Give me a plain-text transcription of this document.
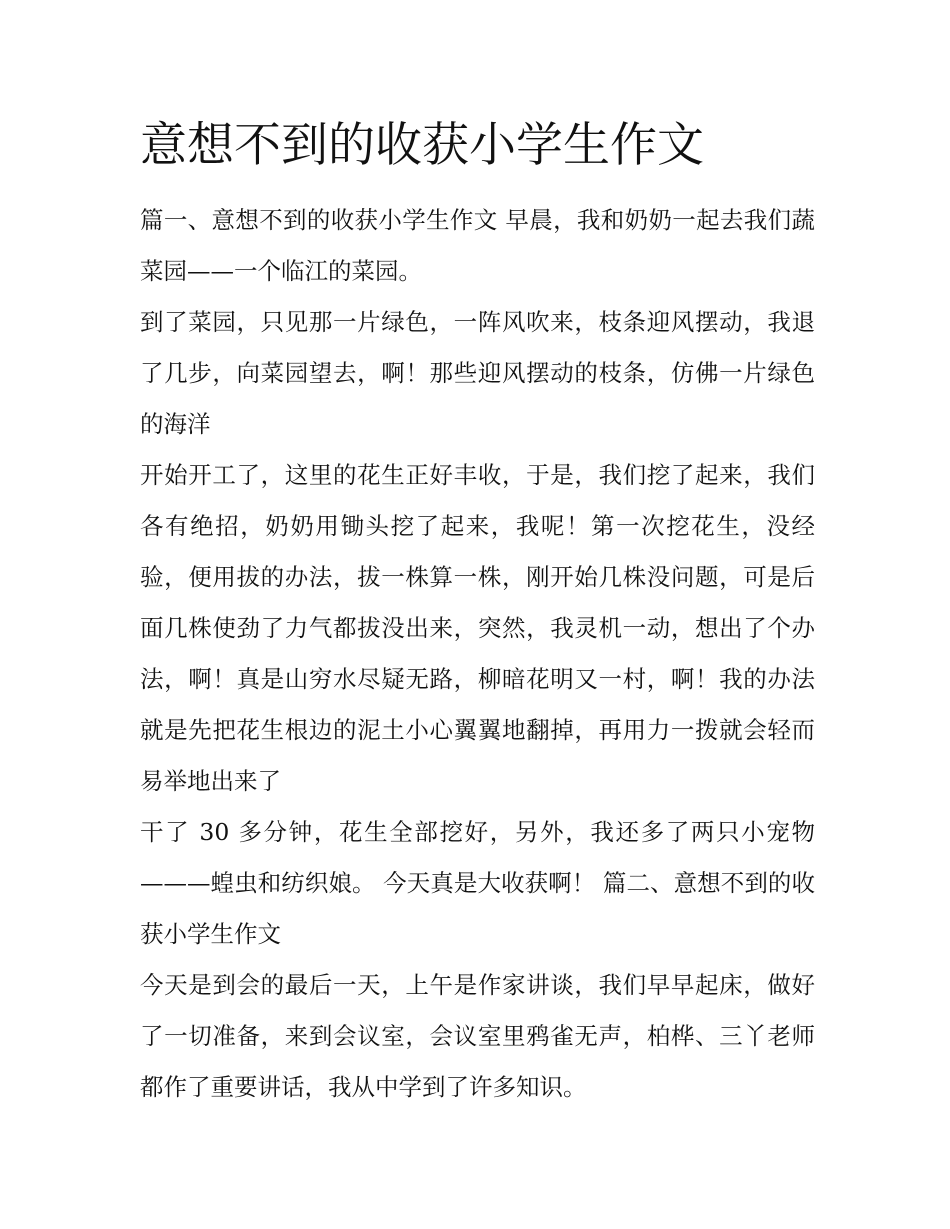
意想不到的收获小学生作文

篇一、意想不到的收获小学生作文 早晨，我和奶奶一起去我们蔬菜园——一个临江的菜园。

到了菜园，只见那一片绿色，一阵风吹来，枝条迎风摆动，我退了几步，向菜园望去，啊！那些迎风摆动的枝条，仿佛一片绿色的海洋

开始开工了，这里的花生正好丰收，于是，我们挖了起来，我们各有绝招，奶奶用锄头挖了起来，我呢！第一次挖花生，没经验，便用拔的办法，拔一株算一株，刚开始几株没问题，可是后面几株使劲了力气都拔没出来，突然，我灵机一动，想出了个办法，啊！真是山穷水尽疑无路，柳暗花明又一村，啊！我的办法就是先把花生根边的泥土小心翼翼地翻掉，再用力一拨就会轻而易举地出来了

干了 30 多分钟，花生全部挖好，另外，我还多了两只小宠物———蝗虫和纺织娘。 今天真是大收获啊！ 篇二、意想不到的收获小学生作文

今天是到会的最后一天，上午是作家讲谈，我们早早起床，做好了一切准备，来到会议室，会议室里鸦雀无声，柏桦、三丫老师都作了重要讲话，我从中学到了许多知识。
